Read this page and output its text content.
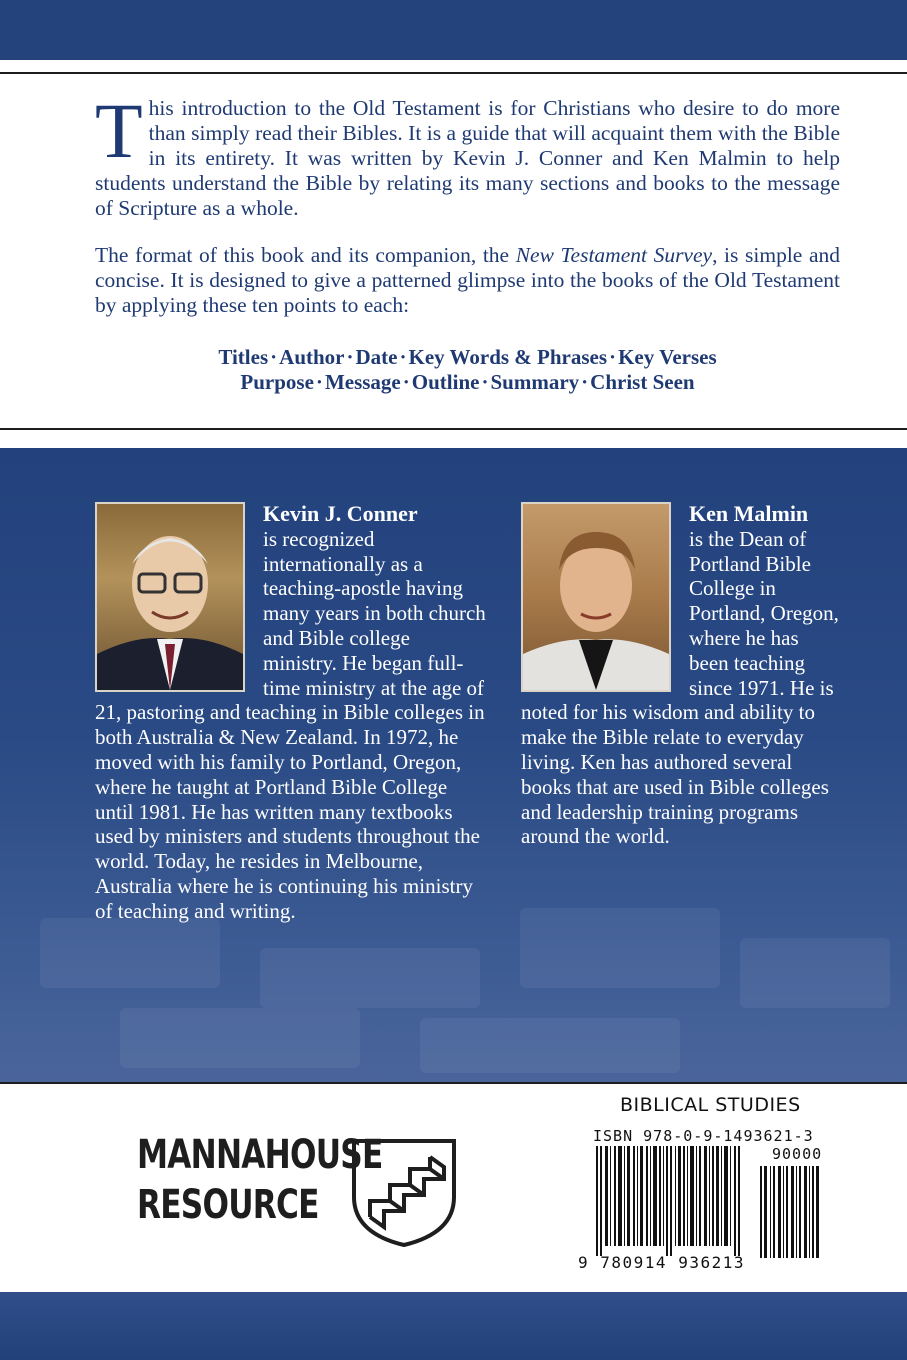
This introduction to the Old Testament is for Christians who desire to do more than simply read their Bibles. It is a guide that will acquaint them with the Bible in its entirety. It was written by Kevin J. Conner and Ken Malmin to help students understand the Bible by relating its many sections and books to the message of Scripture as a whole.

The format of this book and its companion, the New Testament Survey, is simple and concise. It is designed to give a patterned glimpse into the books of the Old Testament by applying these ten points to each:

Titles·Author·Date·Key Words & Phrases·Key Verses
Purpose·Message·Outline·Summary·Christ Seen

Kevin J. Conner
is recognized internationally as a teaching-apostle having many years in both church and Bible college ministry. He began full-time ministry at the age of 21, pastoring and teaching in Bible colleges in both Australia & New Zealand. In 1972, he moved with his family to Portland, Oregon, where he taught at Portland Bible College until 1981. He has written many textbooks used by ministers and students throughout the world. Today, he resides in Melbourne, Australia where he is continuing his ministry of teaching and writing.

Ken Malmin
is the Dean of Portland Bible College in Portland, Oregon, where he has been teaching since 1971. He is noted for his wisdom and ability to make the Bible relate to everyday living. Ken has authored several books that are used in Bible colleges and leadership training programs around the world.

MANNAHOUSE
RESOURCE
BIBLICAL STUDIES
ISBN 978-0-9-1493621-3
90000
9 780914 936213
